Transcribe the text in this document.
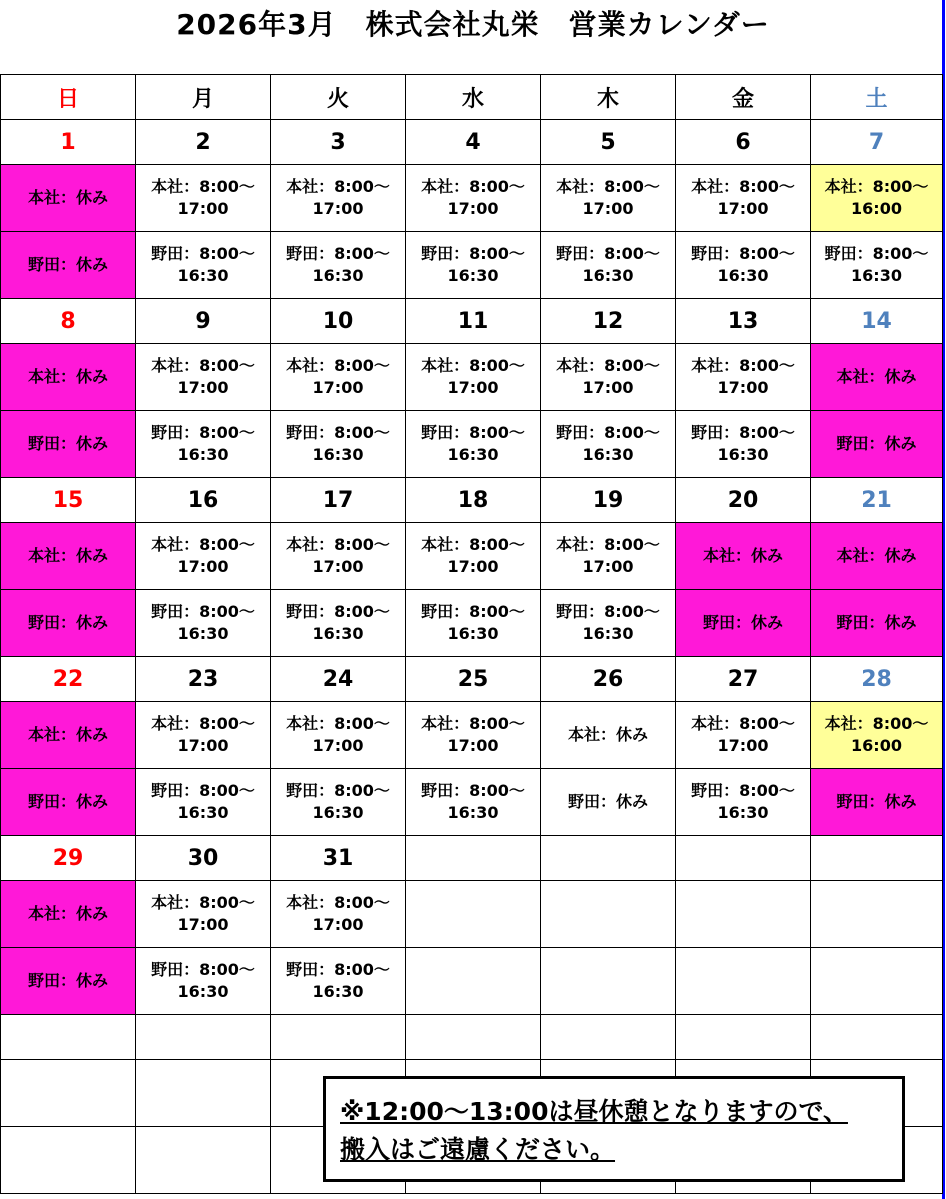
2026年3月　株式会社丸栄　営業カレンダー
日	月	火	水	木	金	土
1	2	3	4	5	6	7
本社：休み	本社：8:00～17:00	本社：8:00～17:00	本社：8:00～17:00	本社：8:00～17:00	本社：8:00～17:00	本社：8:00～16:00
野田：休み	野田：8:00～16:30	野田：8:00～16:30	野田：8:00～16:30	野田：8:00～16:30	野田：8:00～16:30	野田：8:00～16:30
8	9	10	11	12	13	14
本社：休み	本社：8:00～17:00	本社：8:00～17:00	本社：8:00～17:00	本社：8:00～17:00	本社：8:00～17:00	本社：休み
野田：休み	野田：8:00～16:30	野田：8:00～16:30	野田：8:00～16:30	野田：8:00～16:30	野田：8:00～16:30	野田：休み
15	16	17	18	19	20	21
本社：休み	本社：8:00～17:00	本社：8:00～17:00	本社：8:00～17:00	本社：8:00～17:00	本社：休み	本社：休み
野田：休み	野田：8:00～16:30	野田：8:00～16:30	野田：8:00～16:30	野田：8:00～16:30	野田：休み	野田：休み
22	23	24	25	26	27	28
本社：休み	本社：8:00～17:00	本社：8:00～17:00	本社：8:00～17:00	本社：休み	本社：8:00～17:00	本社：8:00～16:00
野田：休み	野田：8:00～16:30	野田：8:00～16:30	野田：8:00～16:30	野田：休み	野田：8:00～16:30	野田：休み
29	30	31				
本社：休み	本社：8:00～17:00	本社：8:00～17:00				
野田：休み	野田：8:00～16:30	野田：8:00～16:30				

※12:00～13:00は昼休憩となりますので、
搬入はご遠慮ください。
